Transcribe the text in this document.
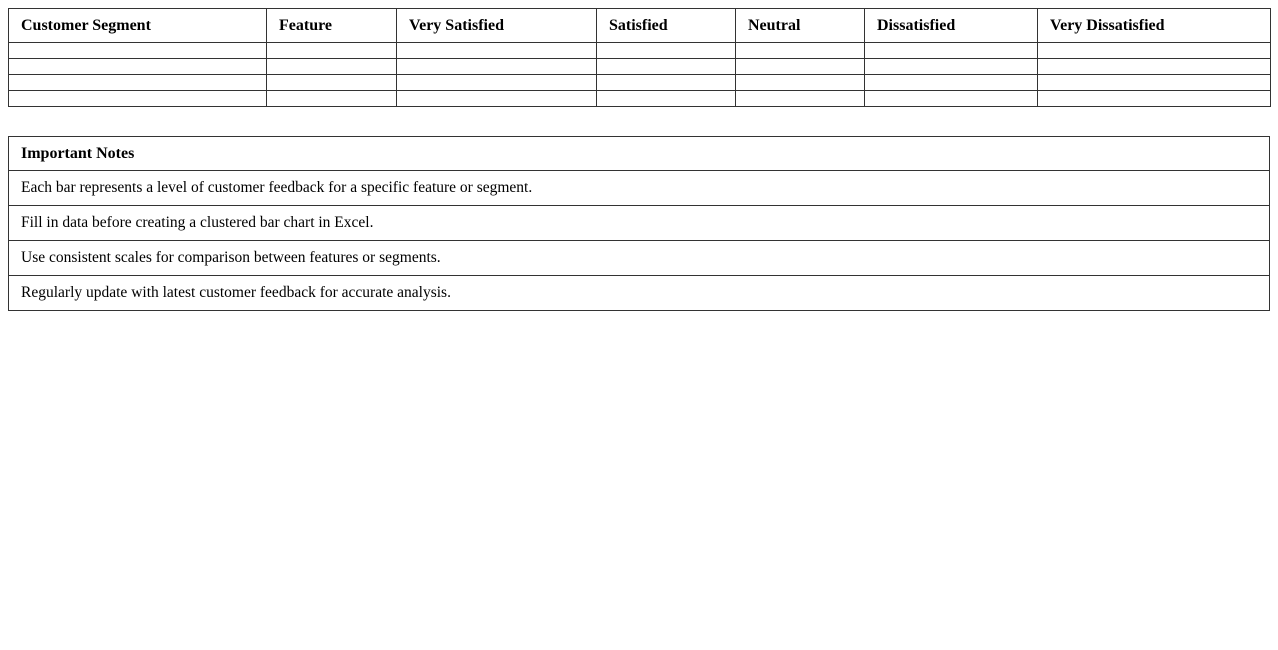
Customer Segment	Feature	Very Satisfied	Satisfied	Neutral	Dissatisfied	Very Dissatisfied

Important Notes
Each bar represents a level of customer feedback for a specific feature or segment.
Fill in data before creating a clustered bar chart in Excel.
Use consistent scales for comparison between features or segments.
Regularly update with latest customer feedback for accurate analysis.
